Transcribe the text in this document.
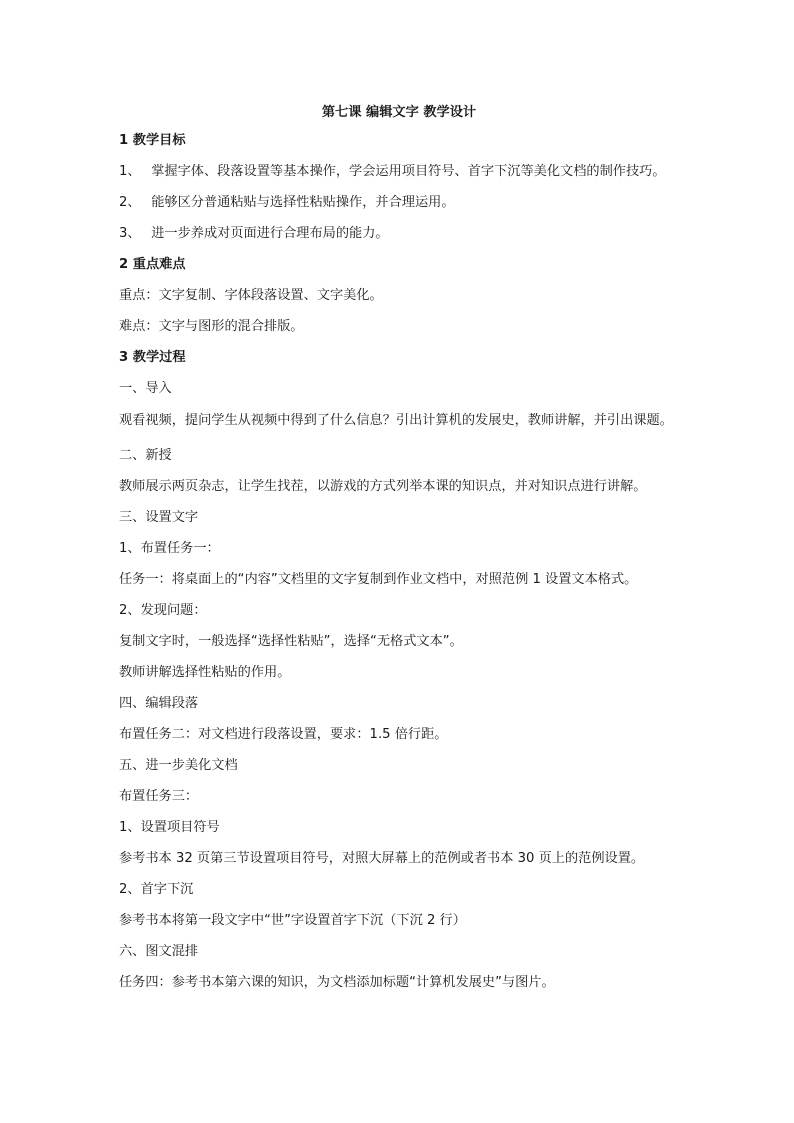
第七课 编辑文字 教学设计

1 教学目标

1、 掌握字体、段落设置等基本操作，学会运用项目符号、首字下沉等美化文档的制作技巧。

2、 能够区分普通粘贴与选择性粘贴操作，并合理运用。

3、 进一步养成对页面进行合理布局的能力。

2 重点难点

重点：文字复制、字体段落设置、文字美化。

难点：文字与图形的混合排版。

3 教学过程

一、导入

观看视频，提问学生从视频中得到了什么信息？引出计算机的发展史，教师讲解，并引出课题。

二、新授

教师展示两页杂志，让学生找茬，以游戏的方式列举本课的知识点，并对知识点进行讲解。

三、设置文字

1、布置任务一：

任务一：将桌面上的“内容”文档里的文字复制到作业文档中，对照范例 1 设置文本格式。

2、发现问题：

复制文字时，一般选择“选择性粘贴”，选择“无格式文本”。

教师讲解选择性粘贴的作用。

四、编辑段落

布置任务二：对文档进行段落设置，要求：1.5 倍行距。

五、进一步美化文档

布置任务三：

1、设置项目符号

参考书本 32 页第三节设置项目符号，对照大屏幕上的范例或者书本 30 页上的范例设置。

2、首字下沉

参考书本将第一段文字中“世”字设置首字下沉（下沉 2 行）

六、图文混排

任务四：参考书本第六课的知识，为文档添加标题“计算机发展史”与图片。
